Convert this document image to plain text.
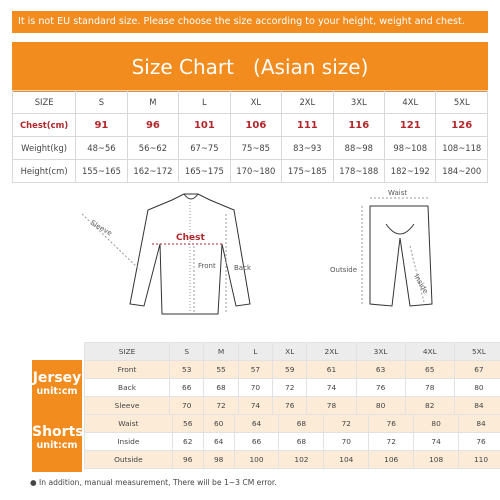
It is not EU standard size. Please choose the size according to your height, weight and chest.
Size Chart   (Asian size)
SIZE	S	M	L	XL	2XL	3XL	4XL	5XL
Chest(cm)	91	96	101	106	111	116	121	126
Weight(kg)	48~56	56~62	67~75	75~85	83~93	88~98	98~108	108~118
Height(cm)	155~165	162~172	165~175	170~180	175~185	178~188	182~192	184~200
Sleeve
Chest
Front	Back
Waist
Outside
Inside
Jersey
unit:cm
SIZE	S	M	L	XL	2XL	3XL	4XL	5XL
Front	53	55	57	59	61	63	65	67
Back	66	68	70	72	74	76	78	80
Sleeve	70	72	74	76	78	80	82	84
Shorts
unit:cm
Waist	56	60	64	68	72	76	80	84
Inside	62	64	66	68	70	72	74	76
Outside	96	98	100	102	104	106	108	110
● In addition, manual measurement, There will be 1~3 CM error.
